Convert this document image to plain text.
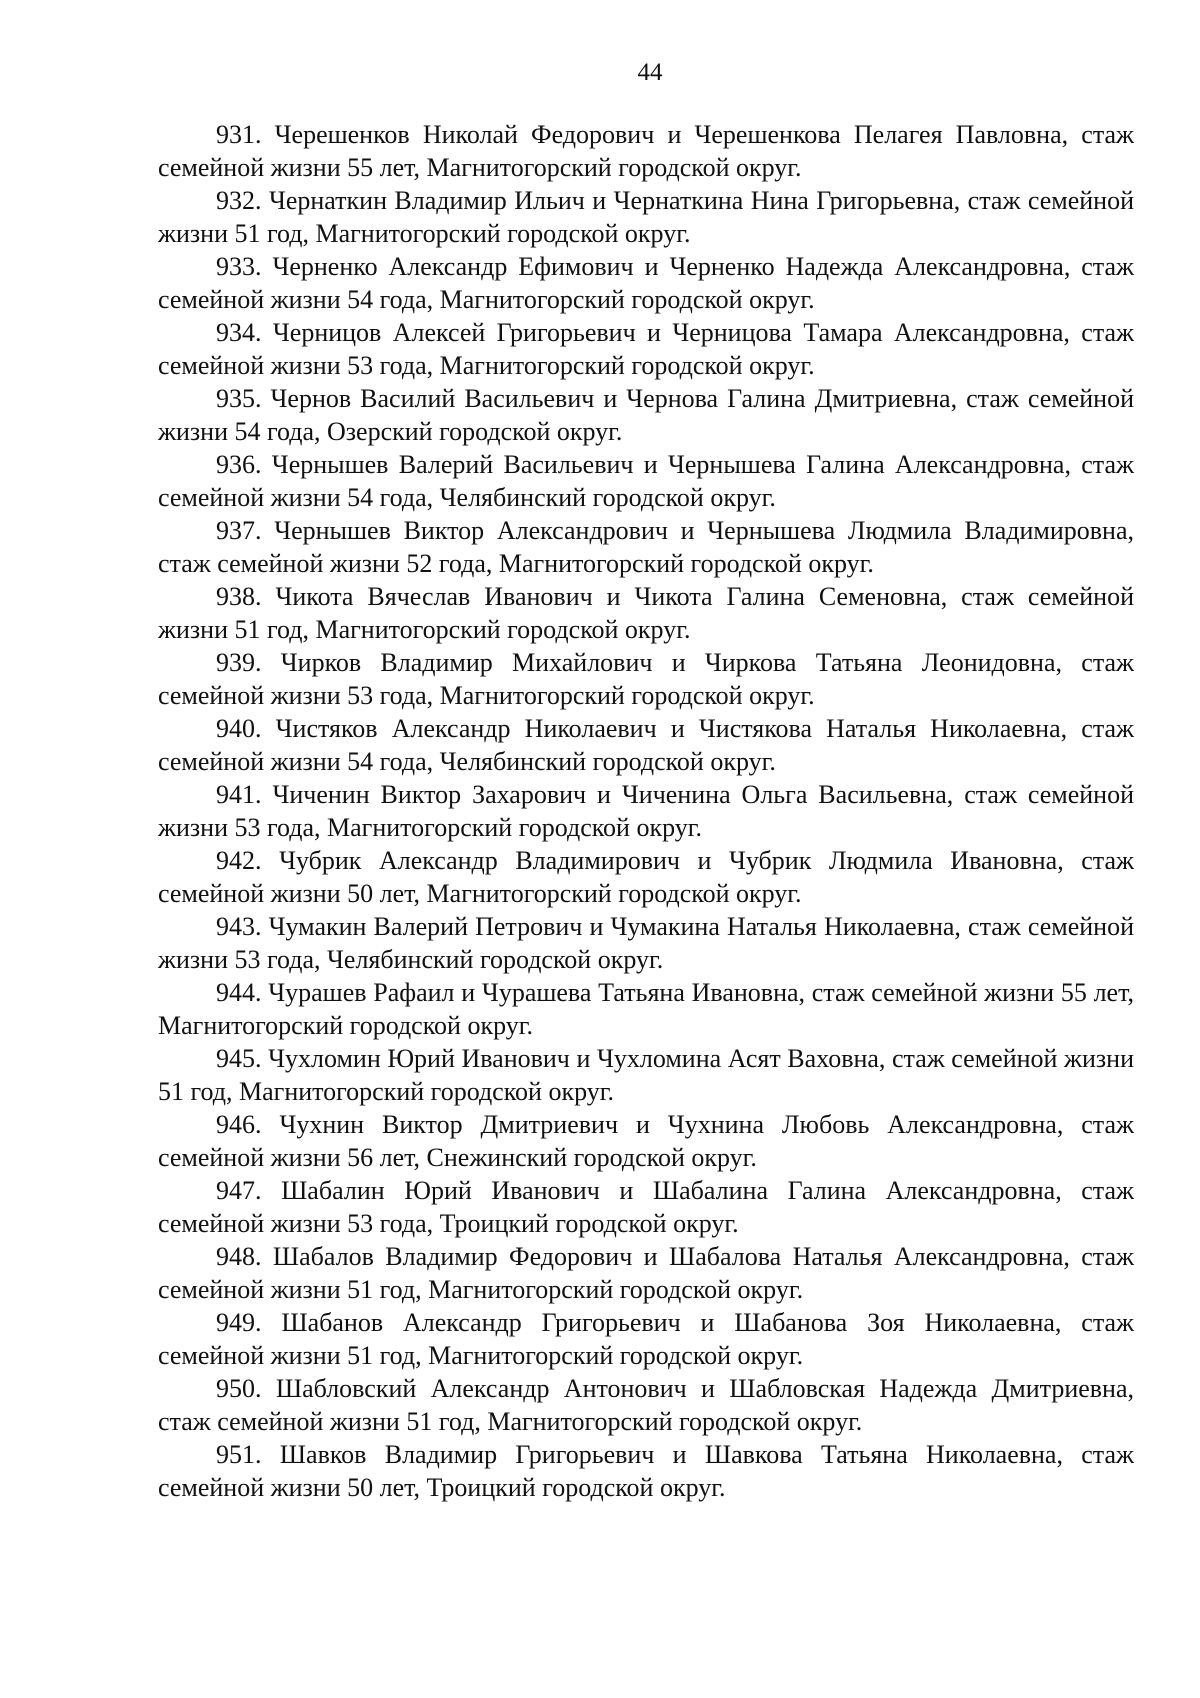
44

931. Черешенков Николай Федорович и Черешенкова Пелагея Павловна, стаж семейной жизни 55 лет, Магнитогорский городской округ.

932. Чернаткин Владимир Ильич и Чернаткина Нина Григорьевна, стаж семейной жизни 51 год, Магнитогорский городской округ.

933. Черненко Александр Ефимович и Черненко Надежда Александровна, стаж семейной жизни 54 года, Магнитогорский городской округ.

934. Черницов Алексей Григорьевич и Черницова Тамара Александровна, стаж семейной жизни 53 года, Магнитогорский городской округ.

935. Чернов Василий Васильевич и Чернова Галина Дмитриевна, стаж семейной жизни 54 года, Озерский городской округ.

936. Чернышев Валерий Васильевич и Чернышева Галина Александровна, стаж семейной жизни 54 года, Челябинский городской округ.

937. Чернышев Виктор Александрович и Чернышева Людмила Владимировна, стаж семейной жизни 52 года, Магнитогорский городской округ.

938. Чикота Вячеслав Иванович и Чикота Галина Семеновна, стаж семейной жизни 51 год, Магнитогорский городской округ.

939. Чирков Владимир Михайлович и Чиркова Татьяна Леонидовна, стаж семейной жизни 53 года, Магнитогорский городской округ.

940. Чистяков Александр Николаевич и Чистякова Наталья Николаевна, стаж семейной жизни 54 года, Челябинский городской округ.

941. Чиченин Виктор Захарович и Чиченина Ольга Васильевна, стаж семейной жизни 53 года, Магнитогорский городской округ.

942. Чубрик Александр Владимирович и Чубрик Людмила Ивановна, стаж семейной жизни 50 лет, Магнитогорский городской округ.

943. Чумакин Валерий Петрович и Чумакина Наталья Николаевна, стаж семейной жизни 53 года, Челябинский городской округ.

944. Чурашев Рафаил и Чурашева Татьяна Ивановна, стаж семейной жизни 55 лет, Магнитогорский городской округ.

945. Чухломин Юрий Иванович и Чухломина Асят Ваховна, стаж семейной жизни 51 год, Магнитогорский городской округ.

946. Чухнин Виктор Дмитриевич и Чухнина Любовь Александровна, стаж семейной жизни 56 лет, Снежинский городской округ.

947. Шабалин Юрий Иванович и Шабалина Галина Александровна, стаж семейной жизни 53 года, Троицкий городской округ.

948. Шабалов Владимир Федорович и Шабалова Наталья Александровна, стаж семейной жизни 51 год, Магнитогорский городской округ.

949. Шабанов Александр Григорьевич и Шабанова Зоя Николаевна, стаж семейной жизни 51 год, Магнитогорский городской округ.

950. Шабловский Александр Антонович и Шабловская Надежда Дмитриевна, стаж семейной жизни 51 год, Магнитогорский городской округ.

951. Шавков Владимир Григорьевич и Шавкова Татьяна Николаевна, стаж семейной жизни 50 лет, Троицкий городской округ.
